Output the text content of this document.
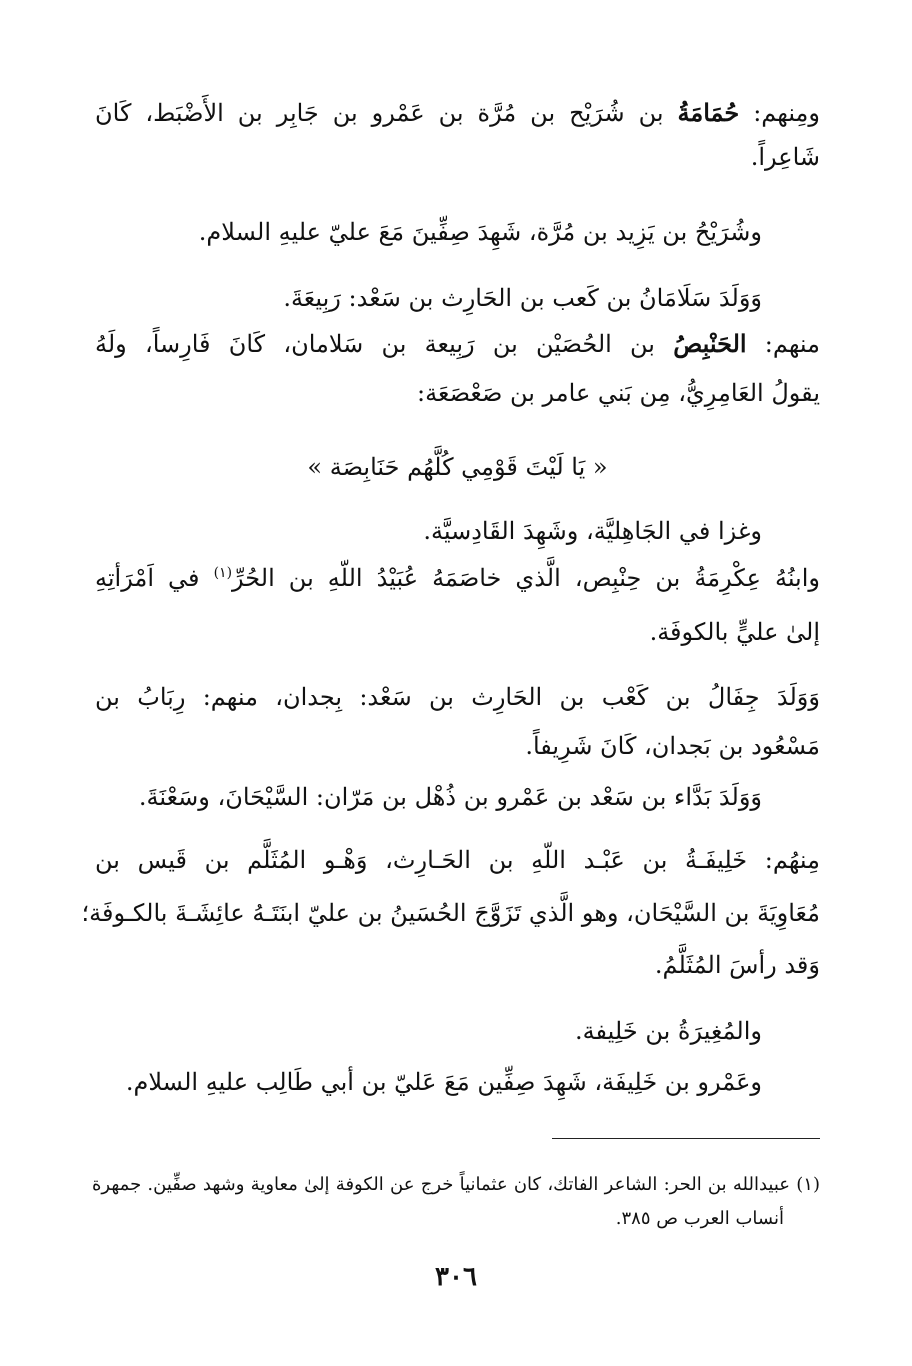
ومِنهم: حُمَامَةُ بن شُرَيْح بن مُرَّة بن عَمْرو بن جَابِر بن الأَضْبَط، كَانَ

شَاعِراً.

وشُرَيْحُ بن يَزِيد بن مُرَّة، شَهِدَ صِفِّينَ مَعَ عليّ عليهِ السلام.

وَوَلَدَ سَلَامَانُ بن كَعب بن الحَارِث بن سَعْد: رَبِيعَةَ.

منهم: الحَنْبِصُ بن الحُصَيْن بن رَبِيعة بن سَلامان، كَانَ فَارِساً، ولَهُ

يقولُ العَامِرِيُّ، مِن بَني عامر بن صَعْصَعَة:

« يَا لَيْتَ قَوْمِي كُلَّهُم حَنَابِصَة »

وغزا في الجَاهِليَّة، وشَهِدَ القَادِسيَّة.

وابنُهُ عِكْرِمَةُ بن حِنْبِص، الَّذي خاصَمَهُ عُبَيْدُ اللّهِ بن الحُرِّ$^{(١)}$ في اَمْرَأتِهِ

إلىٰ عليٍّ بالكوفَة.

وَوَلَدَ جِفَالُ بن كَعْب بن الحَارِث بن سَعْد: بِجدان، منهم: رِبَابُ بن

مَسْعُود بن بَجدان، كَانَ شَرِيفاً.

وَوَلَدَ بَدَّاء بن سَعْد بن عَمْرو بن ذُهْل بن مَرّان: السَّيْحَانَ، وسَعْنَةَ.

مِنهُم: خَلِيفَـةُ بن عَبْـد اللّهِ بن الحَـارِث، وَهْـو المُثَلَّم بن قَيس بن

مُعَاوِيَةَ بن السَّيْحَان، وهو الَّذي تَزَوَّجَ الحُسَينُ بن عليّ ابنَتَـهُ عائِشَـةَ بالكـوفَة؛

وَقد رأسَ المُثَلَّمُ.

والمُغِيرَةُ بن خَلِيفة.

وعَمْرو بن خَلِيفَة، شَهِدَ صِفِّين مَعَ عَليّ بن أبي طَالِب عليهِ السلام.

(١) عبيدالله بن الحر: الشاعر الفاتك، كان عثمانياً خرج عن الكوفة إلىٰ معاوية وشهد صفِّين. جمهرة

أنساب العرب ص ٣٨٥.

٣٠٦
